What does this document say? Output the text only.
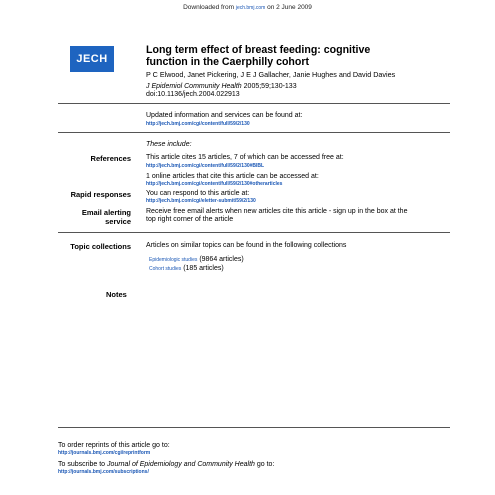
Downloaded from jech.bmj.com on 2 June 2009
JECH
Long term effect of breast feeding: cognitive
function in the Caerphilly cohort
P C Elwood, Janet Pickering, J E J Gallacher, Janie Hughes and David Davies
J Epidemiol Community Health 2005;59;130-133
doi:10.1136/jech.2004.022913
Updated information and services can be found at:
http://jech.bmj.com/cgi/content/full/59/2/130
These include:
References This article cites 15 articles, 7 of which can be accessed free at:
http://jech.bmj.com/cgi/content/full/59/2/130#BIBL
1 online articles that cite this article can be accessed at:
http://jech.bmj.com/cgi/content/full/59/2/130#otherarticles
Rapid responses You can respond to this article at:
http://jech.bmj.com/cgi/eletter-submit/59/2/130
Email alerting
service
Receive free email alerts when new articles cite this article - sign up in the box at the
top right corner of the article
Topic collections Articles on similar topics can be found in the following collections
Epidemiologic studies (9864 articles)
Cohort studies (185 articles)
Notes
To order reprints of this article go to:
http://journals.bmj.com/cgi/reprintform
To subscribe to Journal of Epidemiology and Community Health go to:
http://journals.bmj.com/subscriptions/
